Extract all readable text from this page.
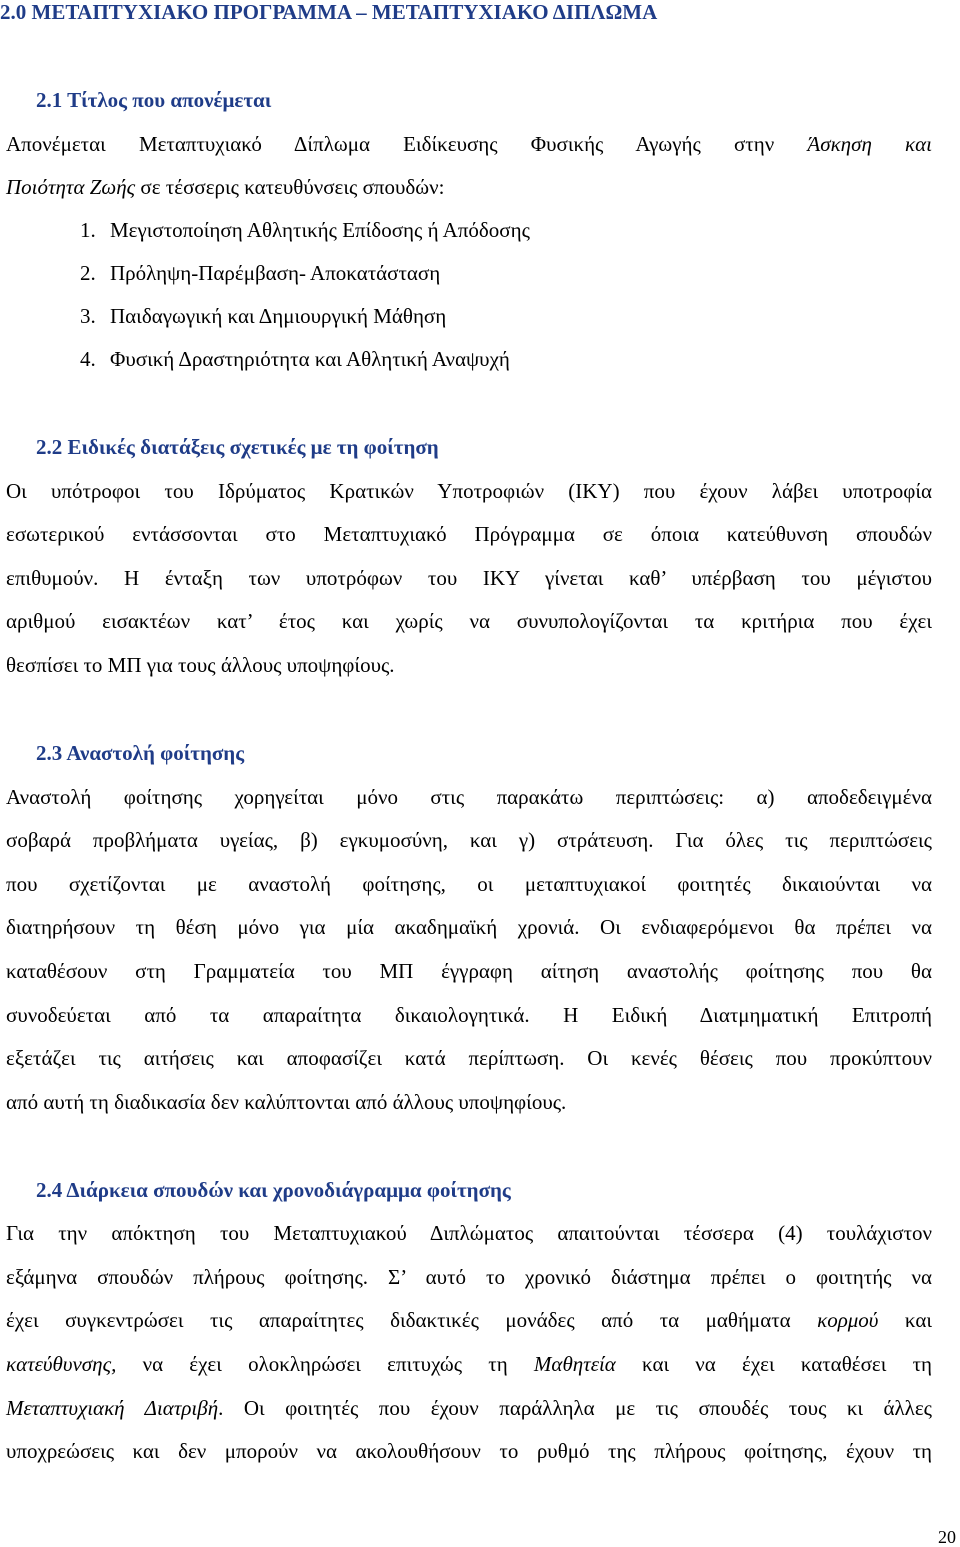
2.0 ΜΕΤΑΠΤΥΧΙΑΚΟ ΠΡΟΓΡΑΜΜΑ – ΜΕΤΑΠΤΥΧΙΑΚΟ ΔΙΠΛΩΜΑ
2.1 Τίτλος που απονέμεται
Απονέμεται Μεταπτυχιακό Δίπλωμα Ειδίκευσης Φυσικής Αγωγής στην Άσκηση και
Ποιότητα Ζωής σε τέσσερις κατευθύνσεις σπουδών:
1. Μεγιστοποίηση Αθλητικής Επίδοσης ή Απόδοσης
2. Πρόληψη-Παρέμβαση- Αποκατάσταση
3. Παιδαγωγική και Δημιουργική Μάθηση
4. Φυσική Δραστηριότητα και Αθλητική Αναψυχή
2.2 Ειδικές διατάξεις σχετικές με τη φοίτηση
Οι υπότροφοι του Ιδρύματος Κρατικών Υποτροφιών (ΙΚΥ) που έχουν λάβει υποτροφία
εσωτερικού εντάσσονται στο Μεταπτυχιακό Πρόγραμμα σε όποια κατεύθυνση σπουδών
επιθυμούν. Η ένταξη των υποτρόφων του ΙΚΥ γίνεται καθ’ υπέρβαση του μέγιστου
αριθμού εισακτέων κατ’ έτος και χωρίς να συνυπολογίζονται τα κριτήρια που έχει
θεσπίσει το ΜΠ για τους άλλους υποψηφίους.
2.3 Αναστολή φοίτησης
Αναστολή φοίτησης χορηγείται μόνο στις παρακάτω περιπτώσεις: α) αποδεδειγμένα
σοβαρά προβλήματα υγείας, β) εγκυμοσύνη, και γ) στράτευση. Για όλες τις περιπτώσεις
που σχετίζονται με αναστολή φοίτησης, οι μεταπτυχιακοί φοιτητές δικαιούνται να
διατηρήσουν τη θέση μόνο για μία ακαδημαϊκή χρονιά. Οι ενδιαφερόμενοι θα πρέπει να
καταθέσουν στη Γραμματεία του ΜΠ έγγραφη αίτηση αναστολής φοίτησης που θα
συνοδεύεται από τα απαραίτητα δικαιολογητικά. Η Ειδική Διατμηματική Επιτροπή
εξετάζει τις αιτήσεις και αποφασίζει κατά περίπτωση. Οι κενές θέσεις που προκύπτουν
από αυτή τη διαδικασία δεν καλύπτονται από άλλους υποψηφίους.
2.4 Διάρκεια σπουδών και χρονοδιάγραμμα φοίτησης
Για την απόκτηση του Μεταπτυχιακού Διπλώματος απαιτούνται τέσσερα (4) τουλάχιστον
εξάμηνα σπουδών πλήρους φοίτησης. Σ’ αυτό το χρονικό διάστημα πρέπει ο φοιτητής να
έχει συγκεντρώσει τις απαραίτητες διδακτικές μονάδες από τα μαθήματα κορμού και
κατεύθυνσης, να έχει ολοκληρώσει επιτυχώς τη Μαθητεία και να έχει καταθέσει τη
Μεταπτυχιακή Διατριβή. Οι φοιτητές που έχουν παράλληλα με τις σπουδές τους κι άλλες
υποχρεώσεις και δεν μπορούν να ακολουθήσουν το ρυθμό της πλήρους φοίτησης, έχουν τη
20
